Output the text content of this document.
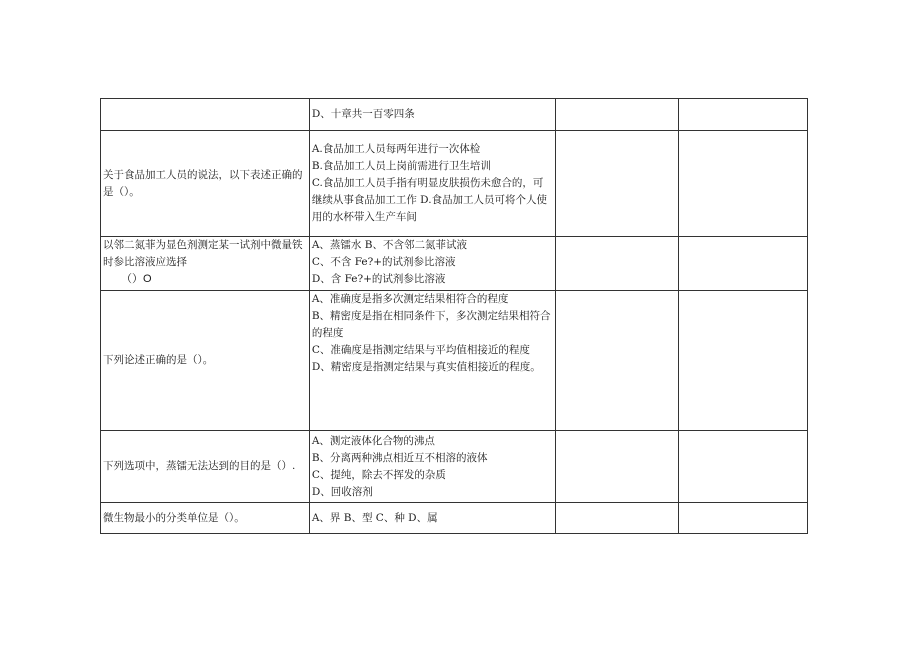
	D、十章共一百零四条		

关于食品加工人员的说法，以下表述正确的是（）。	A.食品加工人员每两年进行一次体检
B.食品加工人员上岗前需进行卫生培训
C.食品加工人员手指有明显皮肤损伤未愈合的，可继续从事食品加工工作 D.食品加工人员可将个人使用的水杯带入生产车间		

以邻二氮菲为显色剂测定某一试剂中微量铁时参比溶液应选择
（）O	A、蒸镭水 B、不含邻二氮菲试液
C、不含 Fe?+的试剂参比溶液
D、含 Fe?+的试剂参比溶液		

下列论述正确的是（）。	A、准确度是指多次测定结果相符合的程度
B、精密度是指在相同条件下，多次测定结果相符合的程度
C、准确度是指测定结果与平均值相接近的程度
D、精密度是指测定结果与真实值相接近的程度。		

下列选项中，蒸镭无法达到的目的是（）.	A、测定液体化合物的沸点
B、分离两种沸点相近互不相溶的液体
C、提纯，除去不挥发的杂质
D、回收溶剂		

微生物最小的分类单位是（）。	A、界 B、型 C、种 D、属		
